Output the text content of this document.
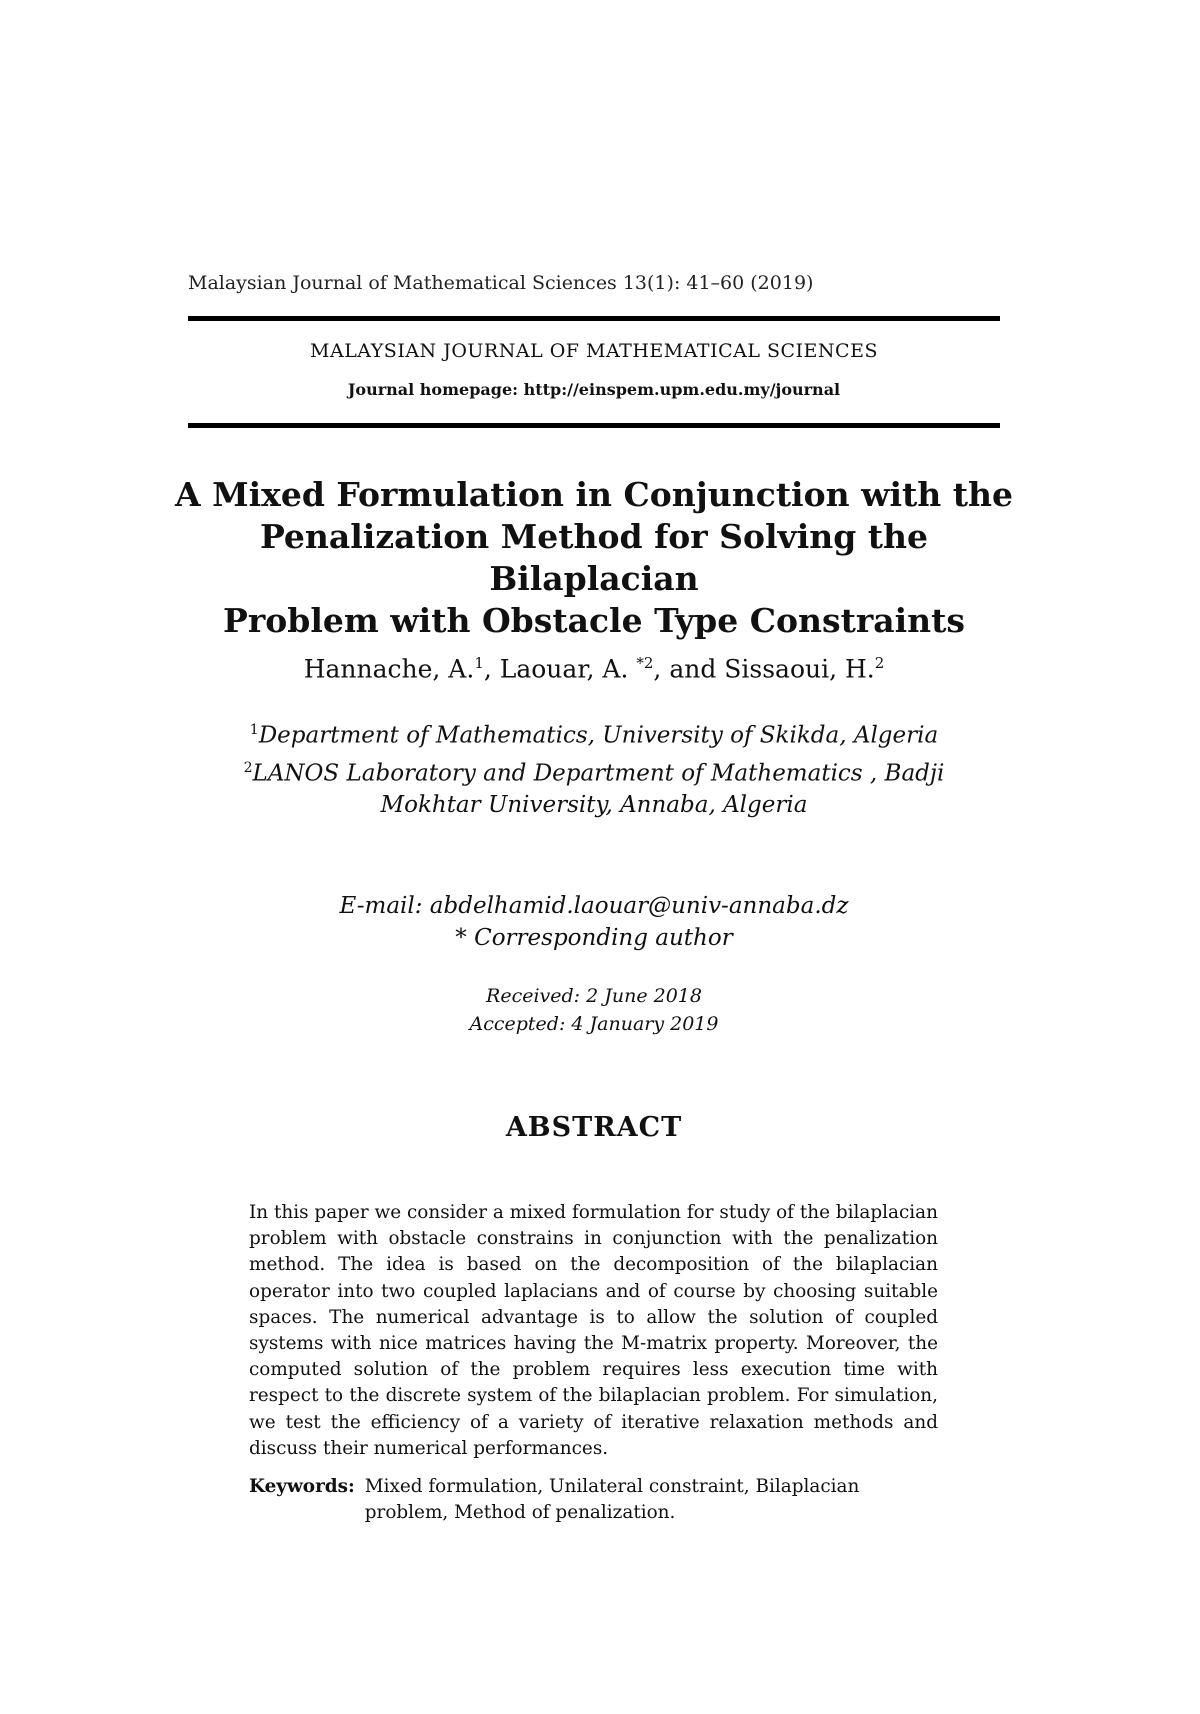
Malaysian Journal of Mathematical Sciences 13(1): 41–60 (2019)
MALAYSIAN JOURNAL OF MATHEMATICAL SCIENCES
Journal homepage: http://einspem.upm.edu.my/journal
A Mixed Formulation in Conjunction with the
Penalization Method for Solving the Bilaplacian
Problem with Obstacle Type Constraints
Hannache, A.$^1$, Laouar, A. $^{*2}$, and Sissaoui, H.$^2$
$^1$Department of Mathematics, University of Skikda, Algeria
$^2$LANOS Laboratory and Department of Mathematics , Badji
Mokhtar University, Annaba, Algeria
E-mail: abdelhamid.laouar@univ-annaba.dz
* Corresponding author
Received: 2 June 2018
Accepted: 4 January 2019
ABSTRACT
In this paper we consider a mixed formulation for study of the bilaplacian problem with obstacle constrains in conjunction with the penalization method. The idea is based on the decomposition of the bilaplacian operator into two coupled laplacians and of course by choosing suitable spaces. The numerical advantage is to allow the solution of coupled systems with nice matrices having the M-matrix property. Moreover, the computed solution of the problem requires less execution time with respect to the discrete system of the bilaplacian problem. For simulation, we test the efficiency of a variety of iterative relaxation methods and discuss their numerical performances.
Keywords: Mixed formulation, Unilateral constraint, Bilaplacian problem, Method of penalization.
